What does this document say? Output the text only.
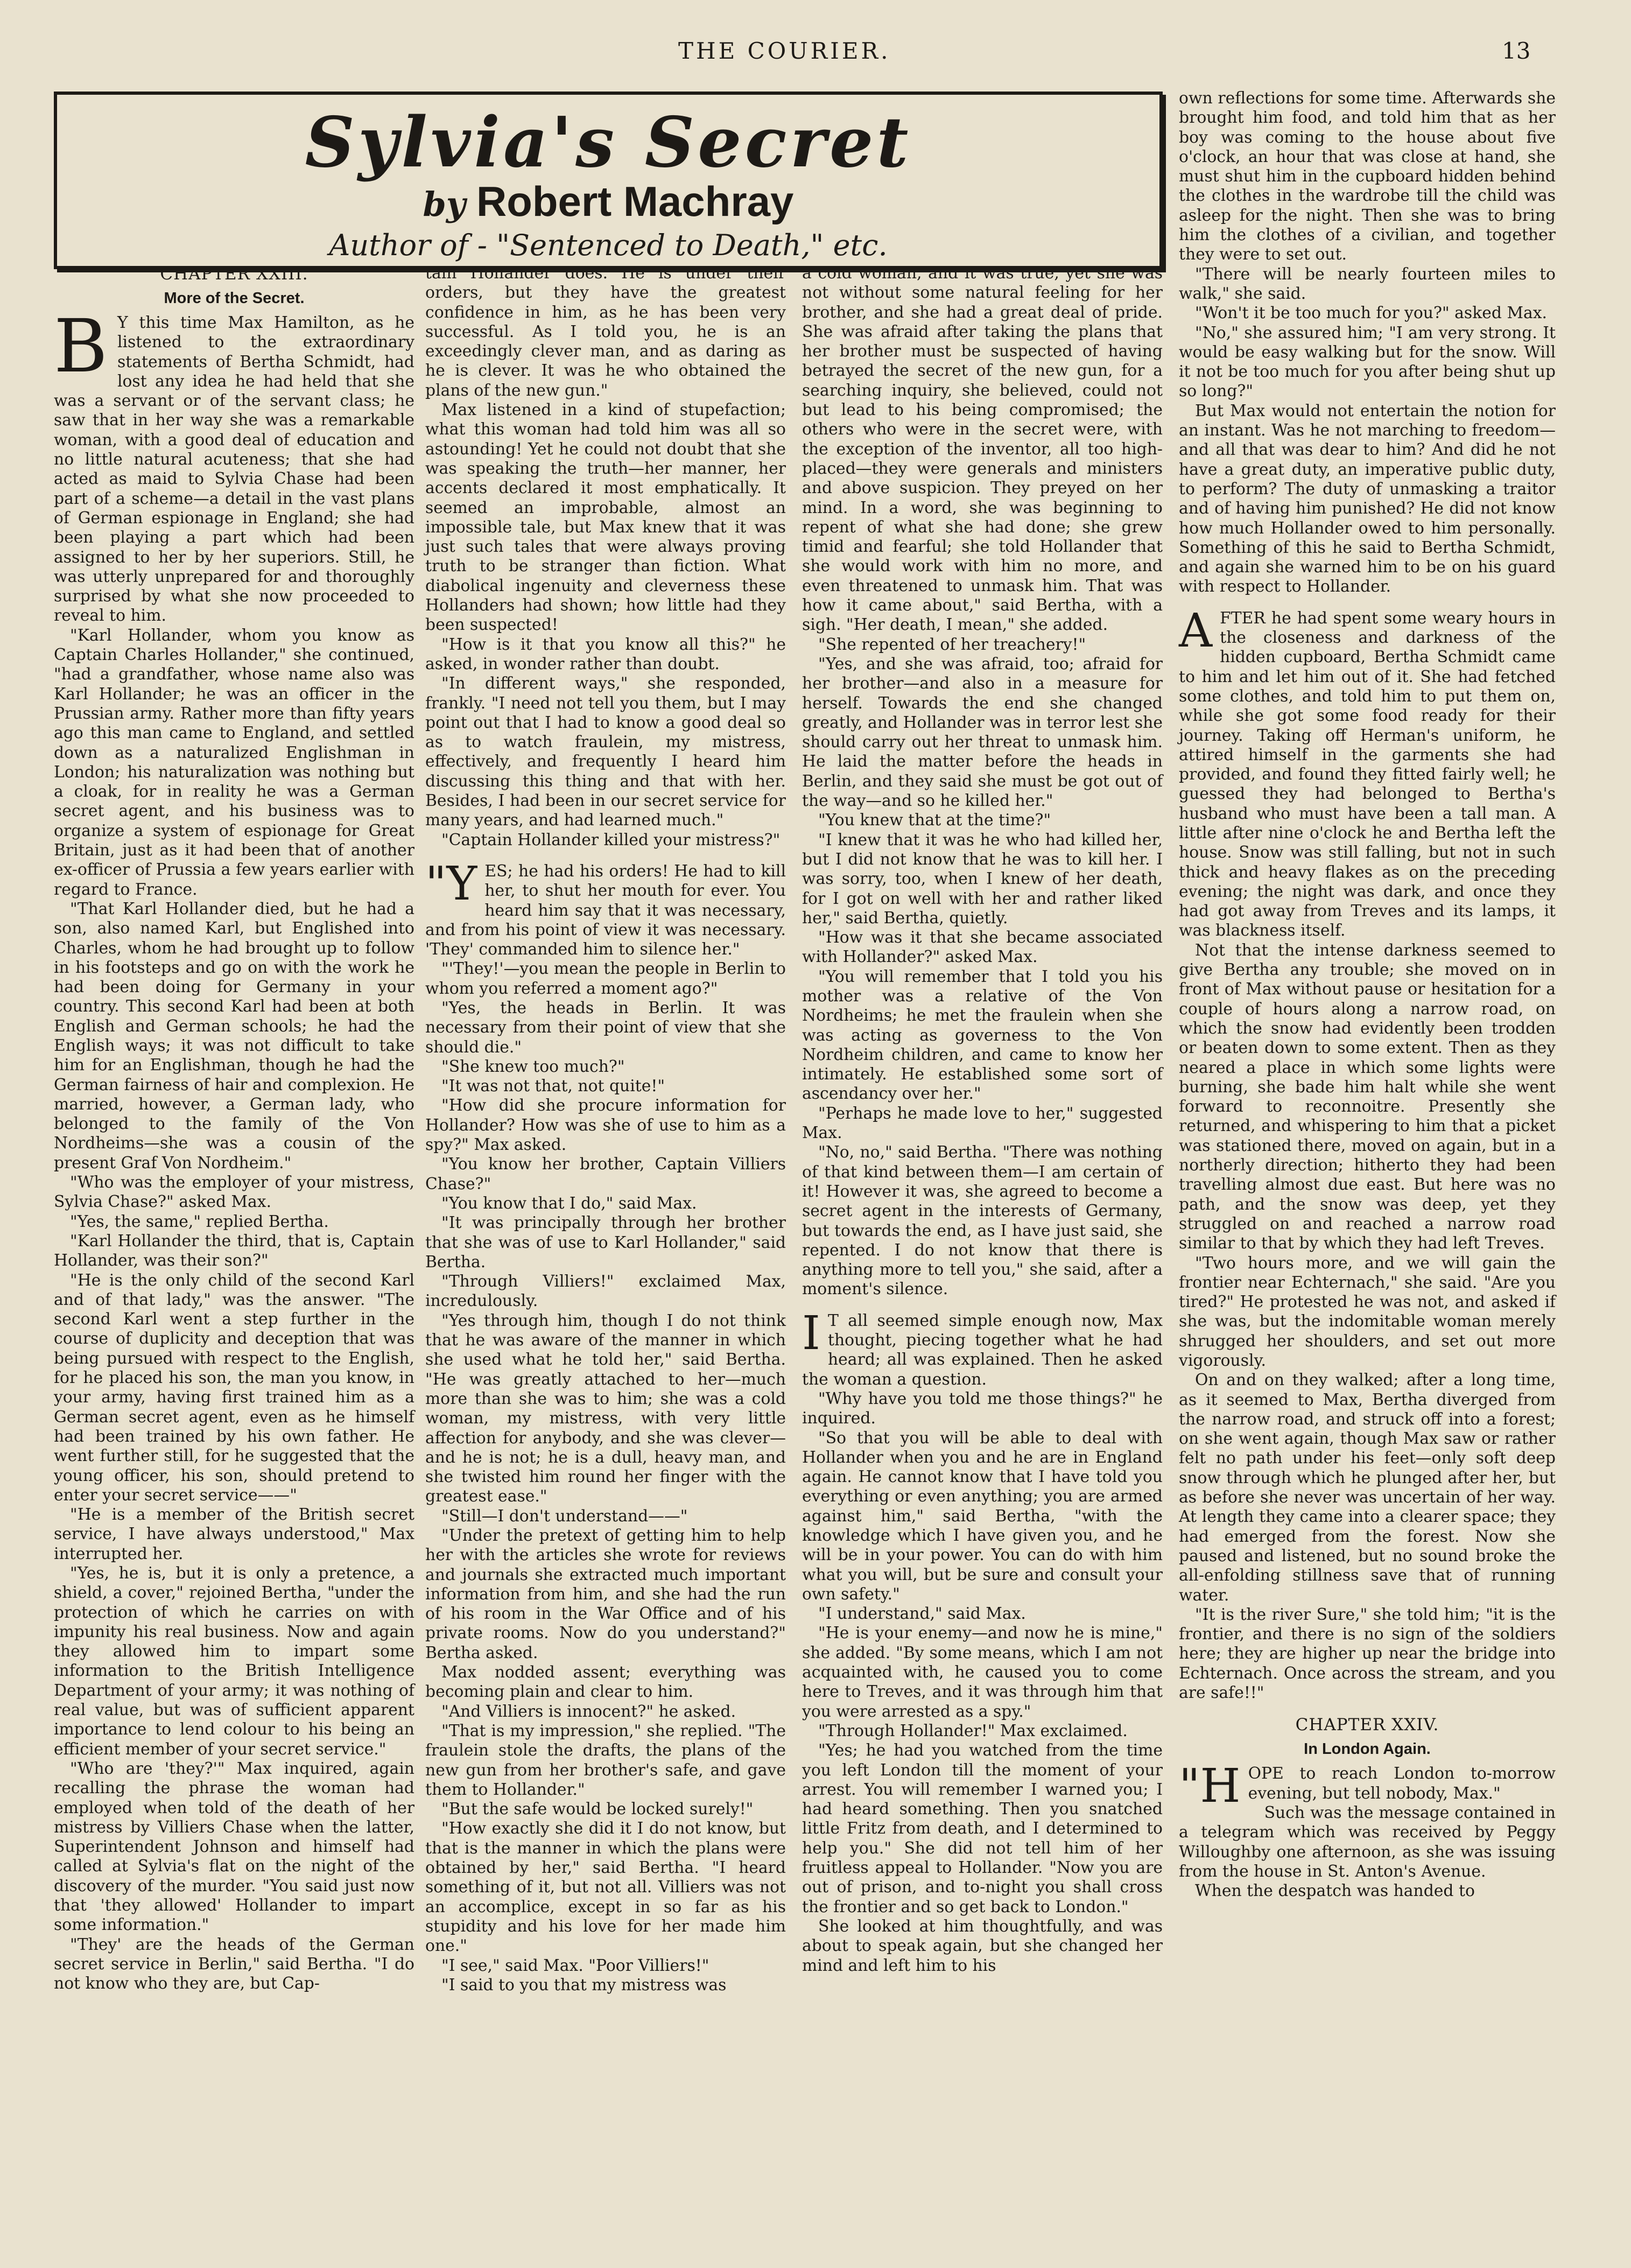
THE COURIER.	13
Sylvia's Secret
by Robert Machray
Author of - "Sentenced to Death," etc.
CHAPTER XXIII.
More of the Secret.

B Y this time Max Hamilton, as he listened to the extraordinary statements of Bertha Schmidt, had lost any idea he had held that she was a servant or of the servant class; he saw that in her way she was a remarkable woman, with a good deal of education and no little natural acuteness; that she had acted as maid to Sylvia Chase had been part of a scheme—a detail in the vast plans of German espionage in England; she had been playing a part which had been assigned to her by her superiors. Still, he was utterly unprepared for and thoroughly surprised by what she now proceeded to reveal to him.

"Karl Hollander, whom you know as Captain Charles Hollander," she continued, "had a grandfather, whose name also was Karl Hollander; he was an officer in the Prussian army. Rather more than fifty years ago this man came to England, and settled down as a naturalized Englishman in London; his naturalization was nothing but a cloak, for in reality he was a German secret agent, and his business was to organize a system of espionage for Great Britain, just as it had been that of another ex-officer of Prussia a few years earlier with regard to France.

"That Karl Hollander died, but he had a son, also named Karl, but Englished into Charles, whom he had brought up to follow in his footsteps and go on with the work he had been doing for Germany in your country. This second Karl had been at both English and German schools; he had the English ways; it was not difficult to take him for an Englishman, though he had the German fairness of hair and complexion. He married, however, a German lady, who belonged to the family of the Von Nordheims—she was a cousin of the present Graf Von Nordheim."

"Who was the employer of your mistress, Sylvia Chase?" asked Max.

"Yes, the same," replied Bertha.

"Karl Hollander the third, that is, Captain Hollander, was their son?"

"He is the only child of the second Karl and of that lady," was the answer. "The second Karl went a step further in the course of duplicity and deception that was being pursued with respect to the English, for he placed his son, the man you know, in your army, having first trained him as a German secret agent, even as he himself had been trained by his own father. He went further still, for he suggested that the young officer, his son, should pretend to enter your secret service——"

"He is a member of the British secret service, I have always understood," Max interrupted her.

"Yes, he is, but it is only a pretence, a shield, a cover," rejoined Bertha, "under the protection of which he carries on with impunity his real business. Now and again they allowed him to impart some information to the British Intelligence Department of your army; it was nothing of real value, but was of sufficient apparent importance to lend colour to his being an efficient member of your secret service."

"Who are 'they?'" Max inquired, again recalling the phrase the woman had employed when told of the death of her mistress by Villiers Chase when the latter, Superintendent Johnson and himself had called at Sylvia's flat on the night of the discovery of the murder. "You said just now that 'they allowed' Hollander to impart some information."

"They' are the heads of the German secret service in Berlin," said Bertha. "I do not know who they are, but Cap-

tain Hollander does. He is under their orders, but they have the greatest confidence in him, as he has been very successful. As I told you, he is an exceedingly clever man, and as daring as he is clever. It was he who obtained the plans of the new gun."

Max listened in a kind of stupefaction; what this woman had told him was all so astounding! Yet he could not doubt that she was speaking the truth—her manner, her accents declared it most emphatically. It seemed an improbable, almost an impossible tale, but Max knew that it was just such tales that were always proving truth to be stranger than fiction. What diabolical ingenuity and cleverness these Hollanders had shown; how little had they been suspected!

"How is it that you know all this?" he asked, in wonder rather than doubt.

"In different ways," she responded, frankly. "I need not tell you them, but I may point out that I had to know a good deal so as to watch fraulein, my mistress, effectively, and frequently I heard him discussing this thing and that with her. Besides, I had been in our secret service for many years, and had learned much."

"Captain Hollander killed your mistress?"

"YES; he had his orders! He had to kill her, to shut her mouth for ever. You heard him say that it was necessary, and from his point of view it was necessary. 'They' commanded him to silence her."

"'They!'—you mean the people in Berlin to whom you referred a moment ago?"

"Yes, the heads in Berlin. It was necessary from their point of view that she should die."

"She knew too much?"

"It was not that, not quite!"

"How did she procure information for Hollander? How was she of use to him as a spy?" Max asked.

"You know her brother, Captain Villiers Chase?"

"You know that I do," said Max.

"It was principally through her brother that she was of use to Karl Hollander," said Bertha.

"Through Villiers!" exclaimed Max, incredulously.

"Yes through him, though I do not think that he was aware of the manner in which she used what he told her," said Bertha. "He was greatly attached to her—much more than she was to him; she was a cold woman, my mistress, with very little affection for anybody, and she was clever—and he is not; he is a dull, heavy man, and she twisted him round her finger with the greatest ease."

"Still—I don't understand——"

"Under the pretext of getting him to help her with the articles she wrote for reviews and journals she extracted much important information from him, and she had the run of his room in the War Office and of his private rooms. Now do you understand?" Bertha asked.

Max nodded assent; everything was becoming plain and clear to him.

"And Villiers is innocent?" he asked.

"That is my impression," she replied. "The fraulein stole the drafts, the plans of the new gun from her brother's safe, and gave them to Hollander."

"But the safe would be locked surely!"

"How exactly she did it I do not know, but that is the manner in which the plans were obtained by her," said Bertha. "I heard something of it, but not all. Villiers was not an accomplice, except in so far as his stupidity and his love for her made him one."

"I see," said Max. "Poor Villiers!"

"I said to you that my mistress was

a cold woman, and it was true, yet she was not without some natural feeling for her brother, and she had a great deal of pride. She was afraid after taking the plans that her brother must be suspected of having betrayed the secret of the new gun, for a searching inquiry, she believed, could not but lead to his being compromised; the others who were in the secret were, with the exception of the inventor, all too high-placed—they were generals and ministers and above suspicion. They preyed on her mind. In a word, she was beginning to repent of what she had done; she grew timid and fearful; she told Hollander that she would work with him no more, and even threatened to unmask him. That was how it came about," said Bertha, with a sigh. "Her death, I mean," she added.

"She repented of her treachery!"

"Yes, and she was afraid, too; afraid for her brother—and also in a measure for herself. Towards the end she changed greatly, and Hollander was in terror lest she should carry out her threat to unmask him. He laid the matter before the heads in Berlin, and they said she must be got out of the way—and so he killed her."

"You knew that at the time?"

"I knew that it was he who had killed her, but I did not know that he was to kill her. I was sorry, too, when I knew of her death, for I got on well with her and rather liked her," said Bertha, quietly.

"How was it that she became associated with Hollander?" asked Max.

"You will remember that I told you his mother was a relative of the Von Nordheims; he met the fraulein when she was acting as governess to the Von Nordheim children, and came to know her intimately. He established some sort of ascendancy over her."

"Perhaps he made love to her," suggested Max.

"No, no," said Bertha. "There was nothing of that kind between them—I am certain of it! However it was, she agreed to become a secret agent in the interests of Germany, but towards the end, as I have just said, she repented. I do not know that there is anything more to tell you," she said, after a moment's silence.

I T all seemed simple enough now, Max thought, piecing together what he had heard; all was explained. Then he asked the woman a question.

"Why have you told me those things?" he inquired.

"So that you will be able to deal with Hollander when you and he are in England again. He cannot know that I have told you everything or even anything; you are armed against him," said Bertha, "with the knowledge which I have given you, and he will be in your power. You can do with him what you will, but be sure and consult your own safety."

"I understand," said Max.

"He is your enemy—and now he is mine," she added. "By some means, which I am not acquainted with, he caused you to come here to Treves, and it was through him that you were arrested as a spy."

"Through Hollander!" Max exclaimed.

"Yes; he had you watched from the time you left London till the moment of your arrest. You will remember I warned you; I had heard something. Then you snatched little Fritz from death, and I determined to help you." She did not tell him of her fruitless appeal to Hollander. "Now you are out of prison, and to-night you shall cross the frontier and so get back to London."

She looked at him thoughtfully, and was about to speak again, but she changed her mind and left him to his

own reflections for some time. Afterwards she brought him food, and told him that as her boy was coming to the house about five o'clock, an hour that was close at hand, she must shut him in the cupboard hidden behind the clothes in the wardrobe till the child was asleep for the night. Then she was to bring him the clothes of a civilian, and together they were to set out.

"There will be nearly fourteen miles to walk," she said.

"Won't it be too much for you?" asked Max.

"No," she assured him; "I am very strong. It would be easy walking but for the snow. Will it not be too much for you after being shut up so long?"

But Max would not entertain the notion for an instant. Was he not marching to freedom—and all that was dear to him? And did he not have a great duty, an imperative public duty, to perform? The duty of unmasking a traitor and of having him punished? He did not know how much Hollander owed to him personally. Something of this he said to Bertha Schmidt, and again she warned him to be on his guard with respect to Hollander.

AFTER he had spent some weary hours in the closeness and darkness of the hidden cupboard, Bertha Schmidt came to him and let him out of it. She had fetched some clothes, and told him to put them on, while she got some food ready for their journey. Taking off Herman's uniform, he attired himself in the garments she had provided, and found they fitted fairly well; he guessed they had belonged to Bertha's husband who must have been a tall man. A little after nine o'clock he and Bertha left the house. Snow was still falling, but not in such thick and heavy flakes as on the preceding evening; the night was dark, and once they had got away from Treves and its lamps, it was blackness itself.

Not that the intense darkness seemed to give Bertha any trouble; she moved on in front of Max without pause or hesitation for a couple of hours along a narrow road, on which the snow had evidently been trodden or beaten down to some extent. Then as they neared a place in which some lights were burning, she bade him halt while she went forward to reconnoitre. Presently she returned, and whispering to him that a picket was stationed there, moved on again, but in a northerly direction; hitherto they had been travelling almost due east. But here was no path, and the snow was deep, yet they struggled on and reached a narrow road similar to that by which they had left Treves.

"Two hours more, and we will gain the frontier near Echternach," she said. "Are you tired?" He protested he was not, and asked if she was, but the indomitable woman merely shrugged her shoulders, and set out more vigorously.

On and on they walked; after a long time, as it seemed to Max, Bertha diverged from the narrow road, and struck off into a forest; on she went again, though Max saw or rather felt no path under his feet—only soft deep snow through which he plunged after her, but as before she never was uncertain of her way. At length they came into a clearer space; they had emerged from the forest. Now she paused and listened, but no sound broke the all-enfolding stillness save that of running water.

"It is the river Sure," she told him; "it is the frontier, and there is no sign of the soldiers here; they are higher up near the bridge into Echternach. Once across the stream, and you are safe!!"

CHAPTER XXIV.
In London Again.

"HOPE to reach London to-morrow evening, but tell nobody, Max."

Such was the message contained in a telegram which was received by Peggy Willoughby one afternoon, as she was issuing from the house in St. Anton's Avenue.

When the despatch was handed to
